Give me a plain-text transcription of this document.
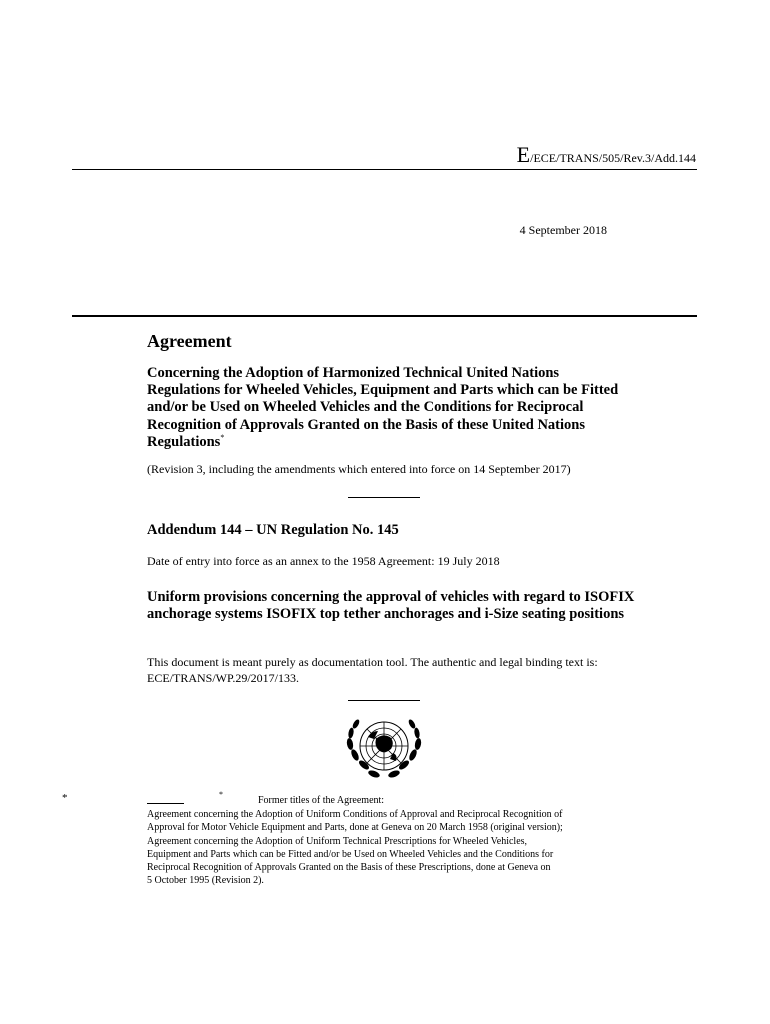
E/ECE/TRANS/505/Rev.3/Add.144
4 September 2018
Agreement
Concerning the Adoption of Harmonized Technical United Nations Regulations for Wheeled Vehicles, Equipment and Parts which can be Fitted and/or be Used on Wheeled Vehicles and the Conditions for Reciprocal Recognition of Approvals Granted on the Basis of these United Nations Regulations*
(Revision 3, including the amendments which entered into force on 14 September 2017)
Addendum 144 – UN Regulation No. 145
Date of entry into force as an annex to the 1958 Agreement: 19 July 2018
Uniform provisions concerning the approval of vehicles with regard to ISOFIX anchorage systems ISOFIX top tether anchorages and i-Size seating positions
This document is meant purely as documentation tool. The authentic and legal binding text is: ECE/TRANS/WP.29/2017/133.
*	*
Former titles of the Agreement:
Agreement concerning the Adoption of Uniform Conditions of Approval and Reciprocal Recognition of
Approval for Motor Vehicle Equipment and Parts, done at Geneva on 20 March 1958 (original version);
Agreement concerning the Adoption of Uniform Technical Prescriptions for Wheeled Vehicles,
Equipment and Parts which can be Fitted and/or be Used on Wheeled Vehicles and the Conditions for
Reciprocal Recognition of Approvals Granted on the Basis of these Prescriptions, done at Geneva on
5 October 1995 (Revision 2).
